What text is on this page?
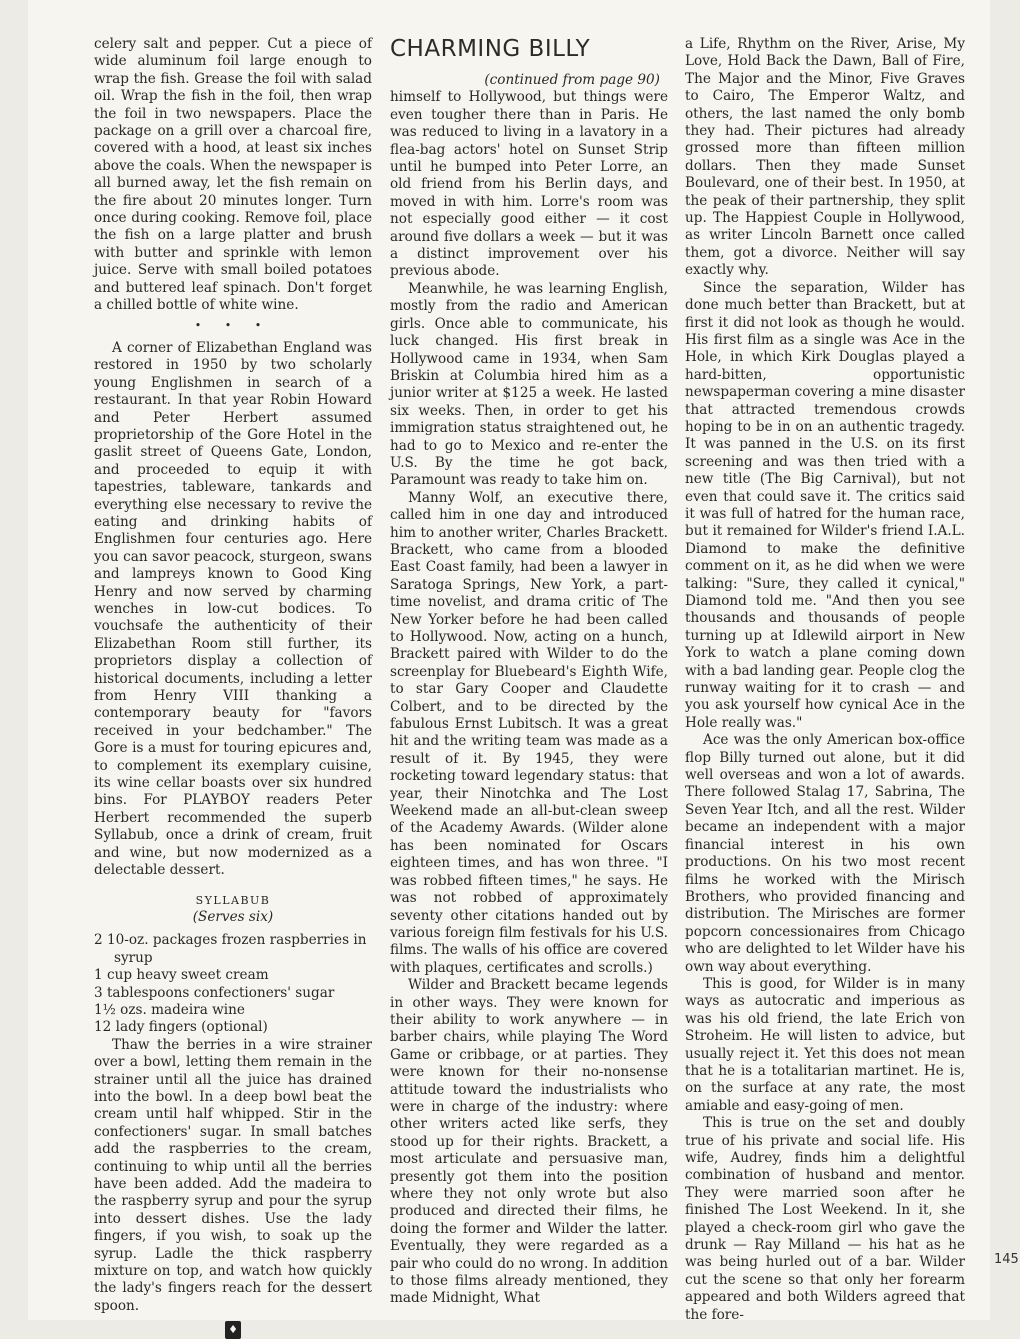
celery salt and pepper. Cut a piece of wide aluminum foil large enough to wrap the fish. Grease the foil with salad oil. Wrap the fish in the foil, then wrap the foil in two newspapers. Place the package on a grill over a charcoal fire, covered with a hood, at least six inches above the coals. When the newspaper is all burned away, let the fish remain on the fire about 20 minutes longer. Turn once during cooking. Remove foil, place the fish on a large platter and brush with butter and sprinkle with lemon juice. Serve with small boiled potatoes and buttered leaf spinach. Don't forget a chilled bottle of white wine.

• • •

A corner of Elizabethan England was restored in 1950 by two scholarly young Englishmen in search of a restaurant. In that year Robin Howard and Peter Herbert assumed proprietorship of the Gore Hotel in the gaslit street of Queens Gate, London, and proceeded to equip it with tapestries, tableware, tankards and everything else necessary to revive the eating and drinking habits of Englishmen four centuries ago. Here you can savor peacock, sturgeon, swans and lampreys known to Good King Henry and now served by charming wenches in low-cut bodices. To vouchsafe the authenticity of their Elizabethan Room still further, its proprietors display a collection of historical documents, including a letter from Henry VIII thanking a contemporary beauty for "favors received in your bedchamber." The Gore is a must for touring epicures and, to complement its exemplary cuisine, its wine cellar boasts over six hundred bins. For PLAYBOY readers Peter Herbert recommended the superb Syllabub, once a drink of cream, fruit and wine, but now modernized as a delectable dessert.

SYLLABUB
(Serves six)
2 10-oz. packages frozen raspberries in syrup
1 cup heavy sweet cream
3 tablespoons confectioners' sugar
1½ ozs. madeira wine
12 lady fingers (optional)

Thaw the berries in a wire strainer over a bowl, letting them remain in the strainer until all the juice has drained into the bowl. In a deep bowl beat the cream until half whipped. Stir in the confectioners' sugar. In small batches add the raspberries to the cream, continuing to whip until all the berries have been added. Add the madeira to the raspberry syrup and pour the syrup into dessert dishes. Use the lady fingers, if you wish, to soak up the syrup. Ladle the thick raspberry mixture on top, and watch how quickly the lady's fingers reach for the dessert spoon.

♦
CHARMING BILLY
(continued from page 90)

himself to Hollywood, but things were even tougher there than in Paris. He was reduced to living in a lavatory in a flea-bag actors' hotel on Sunset Strip until he bumped into Peter Lorre, an old friend from his Berlin days, and moved in with him. Lorre's room was not especially good either — it cost around five dollars a week — but it was a distinct improvement over his previous abode.

Meanwhile, he was learning English, mostly from the radio and American girls. Once able to communicate, his luck changed. His first break in Hollywood came in 1934, when Sam Briskin at Columbia hired him as a junior writer at $125 a week. He lasted six weeks. Then, in order to get his immigration status straightened out, he had to go to Mexico and re-enter the U.S. By the time he got back, Paramount was ready to take him on.

Manny Wolf, an executive there, called him in one day and introduced him to another writer, Charles Brackett. Brackett, who came from a blooded East Coast family, had been a lawyer in Saratoga Springs, New York, a part-time novelist, and drama critic of The New Yorker before he had been called to Hollywood. Now, acting on a hunch, Brackett paired with Wilder to do the screenplay for Bluebeard's Eighth Wife, to star Gary Cooper and Claudette Colbert, and to be directed by the fabulous Ernst Lubitsch. It was a great hit and the writing team was made as a result of it. By 1945, they were rocketing toward legendary status: that year, their Ninotchka and The Lost Weekend made an all-but-clean sweep of the Academy Awards. (Wilder alone has been nominated for Oscars eighteen times, and has won three. "I was robbed fifteen times," he says. He was not robbed of approximately seventy other citations handed out by various foreign film festivals for his U.S. films. The walls of his office are covered with plaques, certificates and scrolls.)

Wilder and Brackett became legends in other ways. They were known for their ability to work anywhere — in barber chairs, while playing The Word Game or cribbage, or at parties. They were known for their no-nonsense attitude toward the industrialists who were in charge of the industry: where other writers acted like serfs, they stood up for their rights. Brackett, a most articulate and persuasive man, presently got them into the position where they not only wrote but also produced and directed their films, he doing the former and Wilder the latter. Eventually, they were regarded as a pair who could do no wrong. In addition to those films already mentioned, they made Midnight, What

a Life, Rhythm on the River, Arise, My Love, Hold Back the Dawn, Ball of Fire, The Major and the Minor, Five Graves to Cairo, The Emperor Waltz, and others, the last named the only bomb they had. Their pictures had already grossed more than fifteen million dollars. Then they made Sunset Boulevard, one of their best. In 1950, at the peak of their partnership, they split up. The Happiest Couple in Hollywood, as writer Lincoln Barnett once called them, got a divorce. Neither will say exactly why.

Since the separation, Wilder has done much better than Brackett, but at first it did not look as though he would. His first film as a single was Ace in the Hole, in which Kirk Douglas played a hard-bitten, opportunistic newspaperman covering a mine disaster that attracted tremendous crowds hoping to be in on an authentic tragedy. It was panned in the U.S. on its first screening and was then tried with a new title (The Big Carnival), but not even that could save it. The critics said it was full of hatred for the human race, but it remained for Wilder's friend I.A.L. Diamond to make the definitive comment on it, as he did when we were talking: "Sure, they called it cynical," Diamond told me. "And then you see thousands and thousands of people turning up at Idlewild airport in New York to watch a plane coming down with a bad landing gear. People clog the runway waiting for it to crash — and you ask yourself how cynical Ace in the Hole really was."

Ace was the only American box-office flop Billy turned out alone, but it did well overseas and won a lot of awards. There followed Stalag 17, Sabrina, The Seven Year Itch, and all the rest. Wilder became an independent with a major financial interest in his own productions. On his two most recent films he worked with the Mirisch Brothers, who provided financing and distribution. The Mirisches are former popcorn concessionaires from Chicago who are delighted to let Wilder have his own way about everything.

This is good, for Wilder is in many ways as autocratic and imperious as was his old friend, the late Erich von Stroheim. He will listen to advice, but usually reject it. Yet this does not mean that he is a totalitarian martinet. He is, on the surface at any rate, the most amiable and easy-going of men.

This is true on the set and doubly true of his private and social life. His wife, Audrey, finds him a delightful combination of husband and mentor. They were married soon after he finished The Lost Weekend. In it, she played a check-room girl who gave the drunk — Ray Milland — his hat as he was being hurled out of a bar. Wilder cut the scene so that only her forearm appeared and both Wilders agreed that the fore-

145
